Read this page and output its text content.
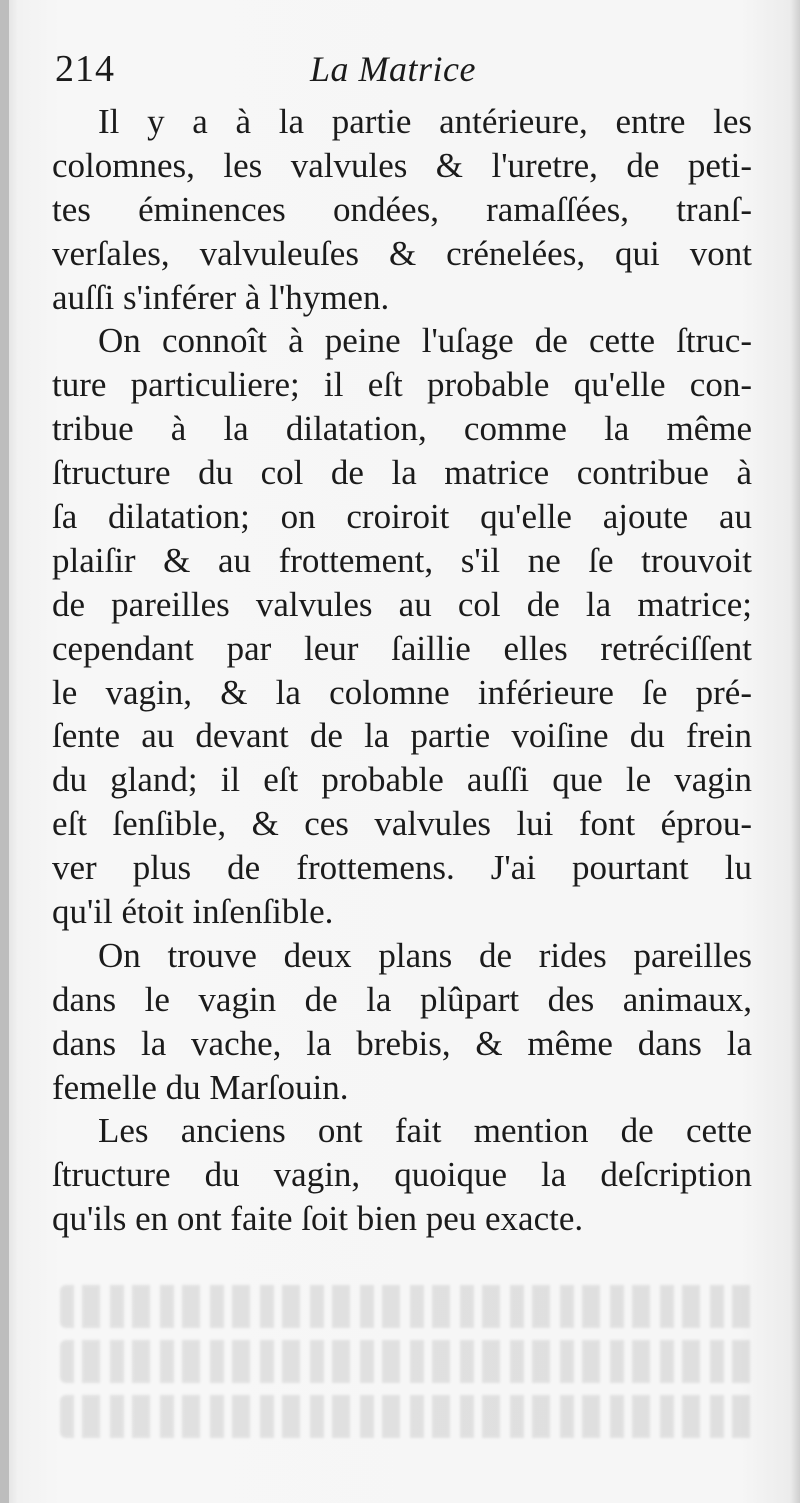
214	La Matrice
Il y a à la partie antérieure, entre les
colomnes, les valvules & l'uretre, de peti-
tes éminences ondées, ramaſſées, tranſ-
verſales, valvuleuſes & crénelées, qui vont
auſſi s'inférer à l'hymen.
On connoît à peine l'uſage de cette ſtruc-
ture particuliere; il eſt probable qu'elle con-
tribue à la dilatation, comme la même
ſtructure du col de la matrice contribue à
ſa dilatation; on croiroit qu'elle ajoute au
plaiſir & au frottement, s'il ne ſe trouvoit
de pareilles valvules au col de la matrice;
cependant par leur ſaillie elles retréciſſent
le vagin, & la colomne inférieure ſe pré-
ſente au devant de la partie voiſine du frein
du gland; il eſt probable auſſi que le vagin
eſt ſenſible, & ces valvules lui font éprou-
ver plus de frottemens. J'ai pourtant lu
qu'il étoit inſenſible.
On trouve deux plans de rides pareilles
dans le vagin de la plûpart des animaux,
dans la vache, la brebis, & même dans la
femelle du Marſouin.
Les anciens ont fait mention de cette
ſtructure du vagin, quoique la deſcription
qu'ils en ont faite ſoit bien peu exacte.
